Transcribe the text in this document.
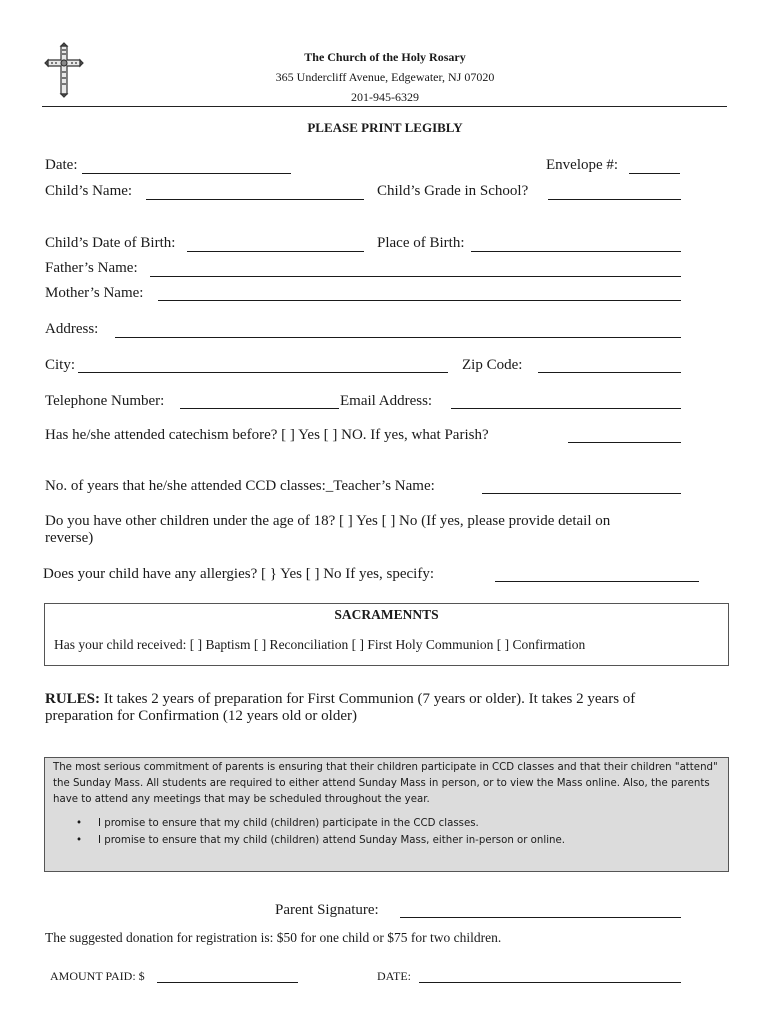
The Church of the Holy Rosary
365 Undercliff Avenue, Edgewater, NJ 07020
201-945-6329
PLEASE PRINT LEGIBLY
Date:	Envelope #:
Child’s Name:	Child’s Grade in School?
Child’s Date of Birth:	Place of Birth:
Father’s Name:
Mother’s Name:
Address:
City:	Zip Code:
Telephone Number:	Email Address:
Has he/she attended catechism before? [ ] Yes [ ] NO. If yes, what Parish?
No. of years that he/she attended CCD classes:_Teacher’s Name:
Do you have other children under the age of 18? [ ] Yes [ ] No (If yes, please provide detail on
reverse)
Does your child have any allergies? [ } Yes [ ] No If yes, specify:
SACRAMENNTS
Has your child received: [ ] Baptism [ ] Reconciliation [ ] First Holy Communion [ ] Confirmation
RULES: It takes 2 years of preparation for First Communion (7 years or older). It takes 2 years of
preparation for Confirmation (12 years old or older)
The most serious commitment of parents is ensuring that their children participate in CCD classes and that their children "attend" the Sunday Mass. All students are required to either attend Sunday Mass in person, or to view the Mass online. Also, the parents have to attend any meetings that may be scheduled throughout the year.
• I promise to ensure that my child (children) participate in the CCD classes.
• I promise to ensure that my child (children) attend Sunday Mass, either in-person or online.
Parent Signature:
The suggested donation for registration is: $50 for one child or $75 for two children.
AMOUNT PAID: $	DATE:
